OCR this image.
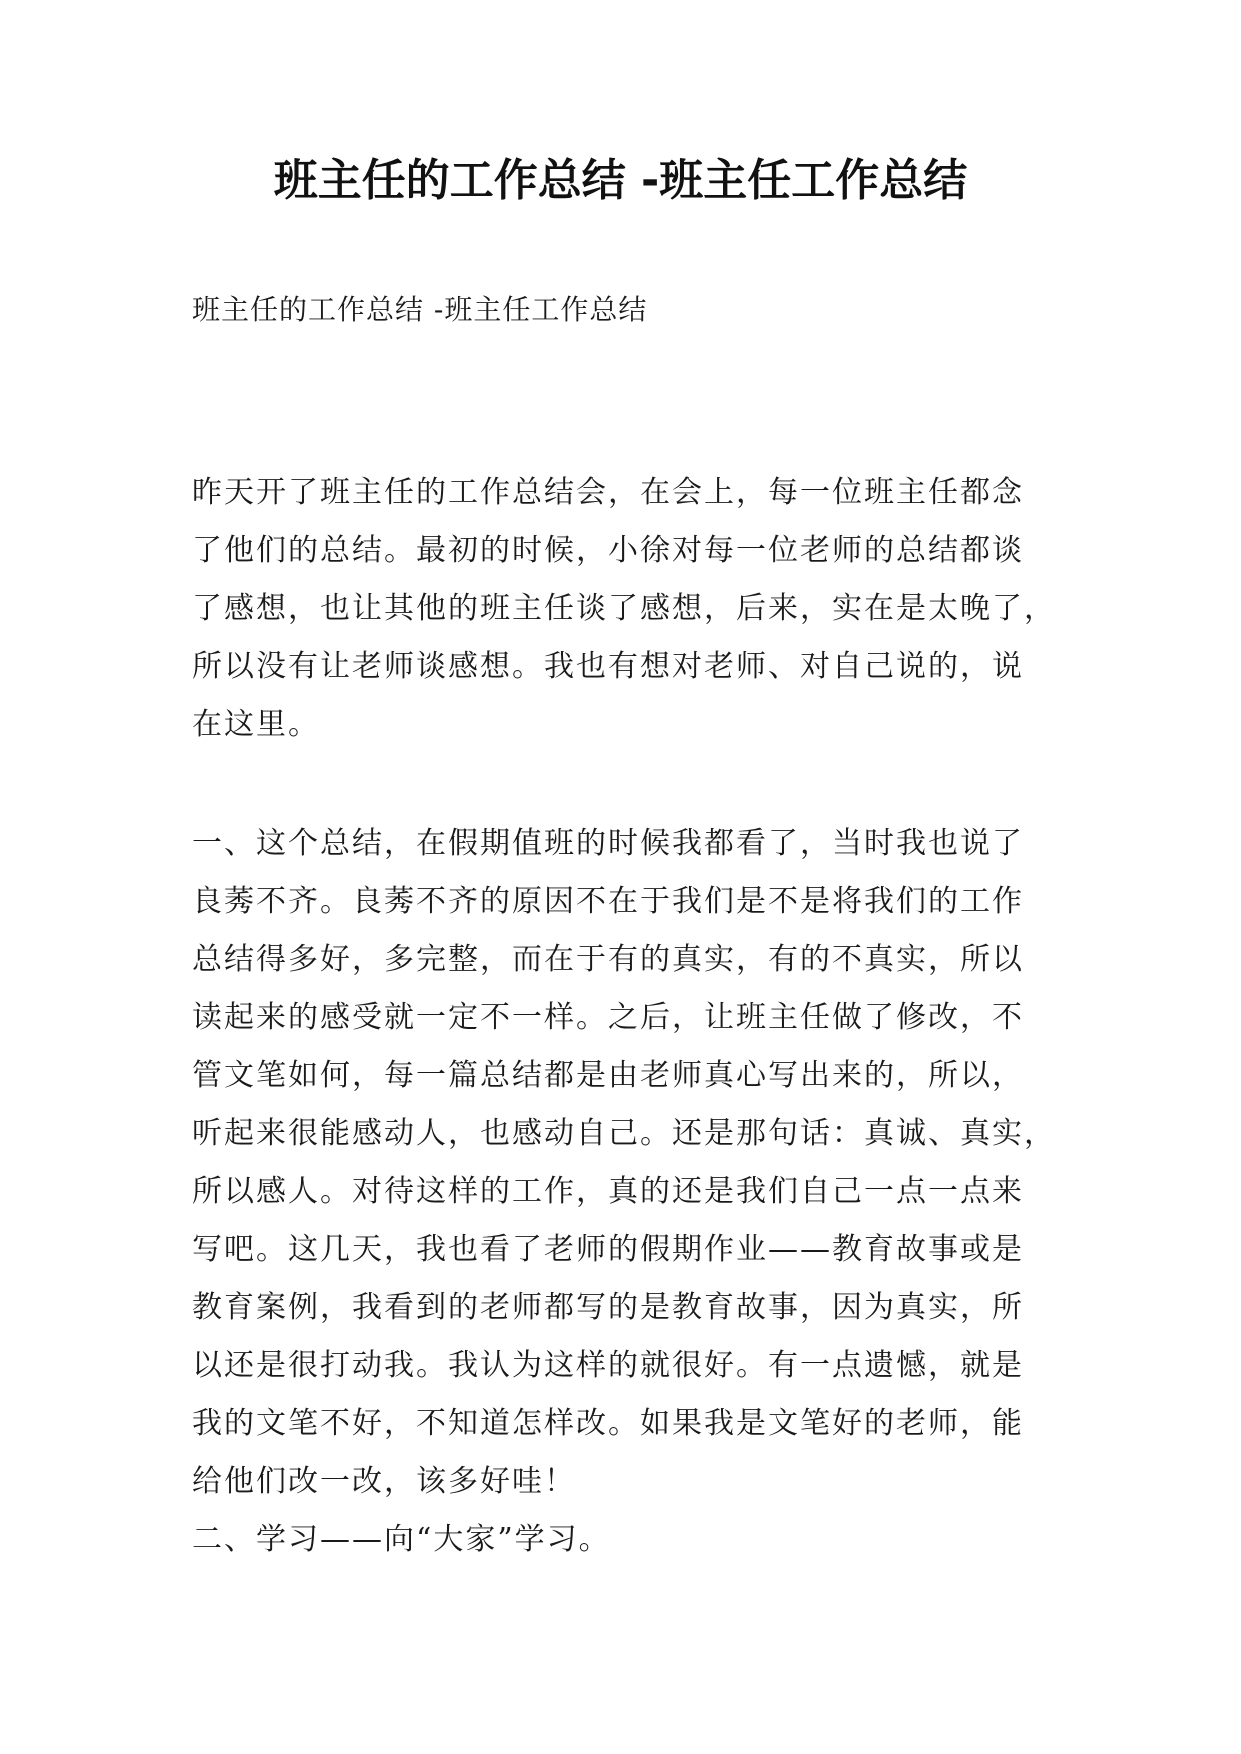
班主任的工作总结 -班主任工作总结

班主任的工作总结 -班主任工作总结

昨天开了班主任的工作总结会，在会上，每一位班主任都念
了他们的总结。最初的时候，小徐对每一位老师的总结都谈
了感想，也让其他的班主任谈了感想，后来，实在是太晚了，
所以没有让老师谈感想。我也有想对老师、对自己说的，说
在这里。

一、这个总结，在假期值班的时候我都看了，当时我也说了
良莠不齐。良莠不齐的原因不在于我们是不是将我们的工作
总结得多好，多完整，而在于有的真实，有的不真实，所以
读起来的感受就一定不一样。之后，让班主任做了修改，不
管文笔如何，每一篇总结都是由老师真心写出来的，所以，
听起来很能感动人，也感动自己。还是那句话：真诚、真实，
所以感人。对待这样的工作，真的还是我们自己一点一点来
写吧。这几天，我也看了老师的假期作业——教育故事或是
教育案例，我看到的老师都写的是教育故事，因为真实，所
以还是很打动我。我认为这样的就很好。有一点遗憾，就是
我的文笔不好，不知道怎样改。如果我是文笔好的老师，能
给他们改一改，该多好哇！
二、学习——向“大家”学习。
